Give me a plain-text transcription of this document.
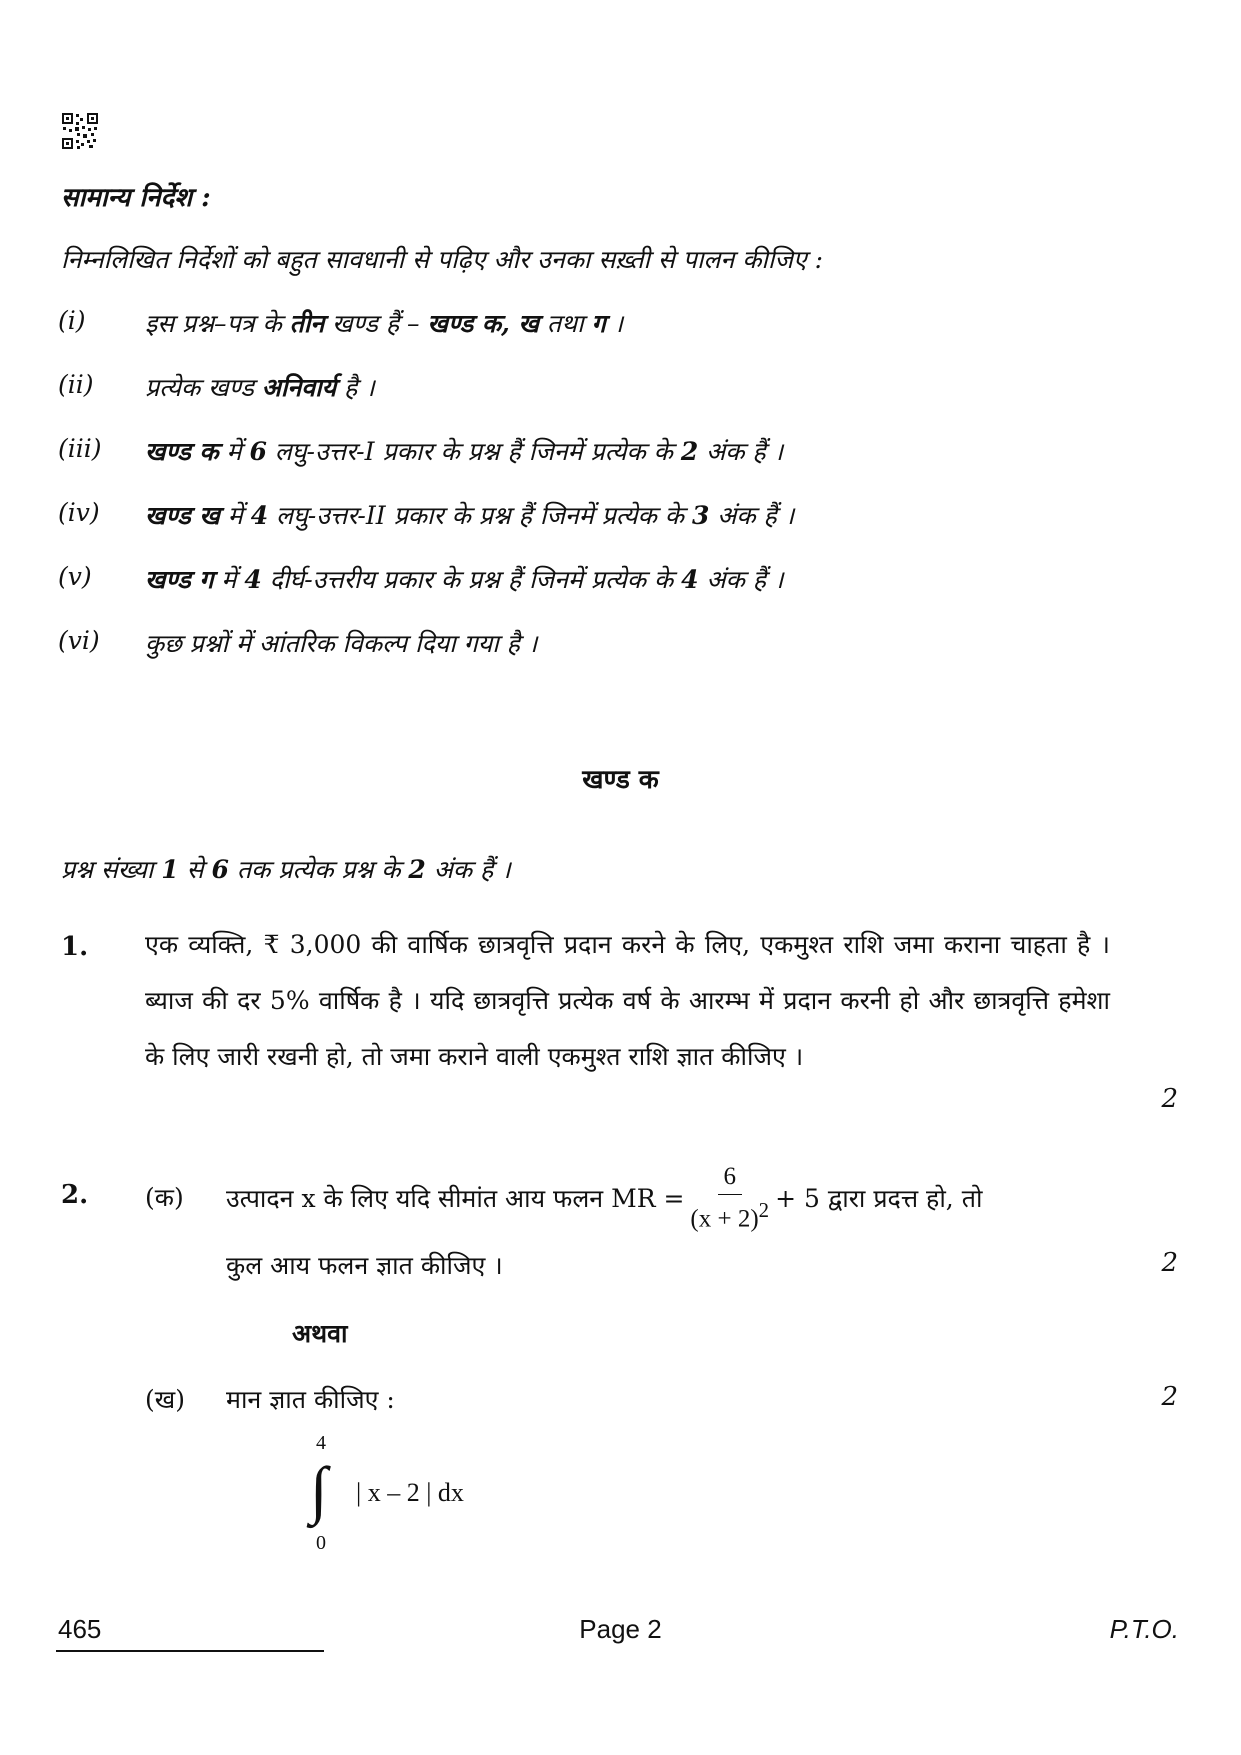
सामान्य निर्देश :
निम्नलिखित निर्देशों को बहुत सावधानी से पढ़िए और उनका सख़्ती से पालन कीजिए :
(i) इस प्रश्न–पत्र के तीन खण्ड हैं – खण्ड क, ख तथा ग ।
(ii) प्रत्येक खण्ड अनिवार्य है ।
(iii) खण्ड क में 6 लघु-उत्तर-I प्रकार के प्रश्न हैं जिनमें प्रत्येक के 2 अंक हैं ।
(iv) खण्ड ख में 4 लघु-उत्तर-II प्रकार के प्रश्न हैं जिनमें प्रत्येक के 3 अंक हैं ।
(v) खण्ड ग में 4 दीर्घ-उत्तरीय प्रकार के प्रश्न हैं जिनमें प्रत्येक के 4 अंक हैं ।
(vi) कुछ प्रश्नों में आंतरिक विकल्प दिया गया है ।
खण्ड क
प्रश्न संख्या 1 से 6 तक प्रत्येक प्रश्न के 2 अंक हैं ।
1. एक व्यक्ति, ₹ 3,000 की वार्षिक छात्रवृत्ति प्रदान करने के लिए, एकमुश्त राशि जमा कराना चाहता है । ब्याज की दर 5% वार्षिक है । यदि छात्रवृत्ति प्रत्येक वर्ष के आरम्भ में प्रदान करनी हो और छात्रवृत्ति हमेशा के लिए जारी रखनी हो, तो जमा कराने वाली एकमुश्त राशि ज्ञात कीजिए ।
2
2. (क) उत्पादन x के लिए यदि सीमांत आय फलन MR = $\frac{6}{(x + 2)^2} + 5$ द्वारा प्रदत्त हो, तो
कुल आय फलन ज्ञात कीजिए ।	2
अथवा
(ख) मान ज्ञात कीजिए :	2
4
∫
0
| x – 2 | dx
465	Page 2	P.T.O.
